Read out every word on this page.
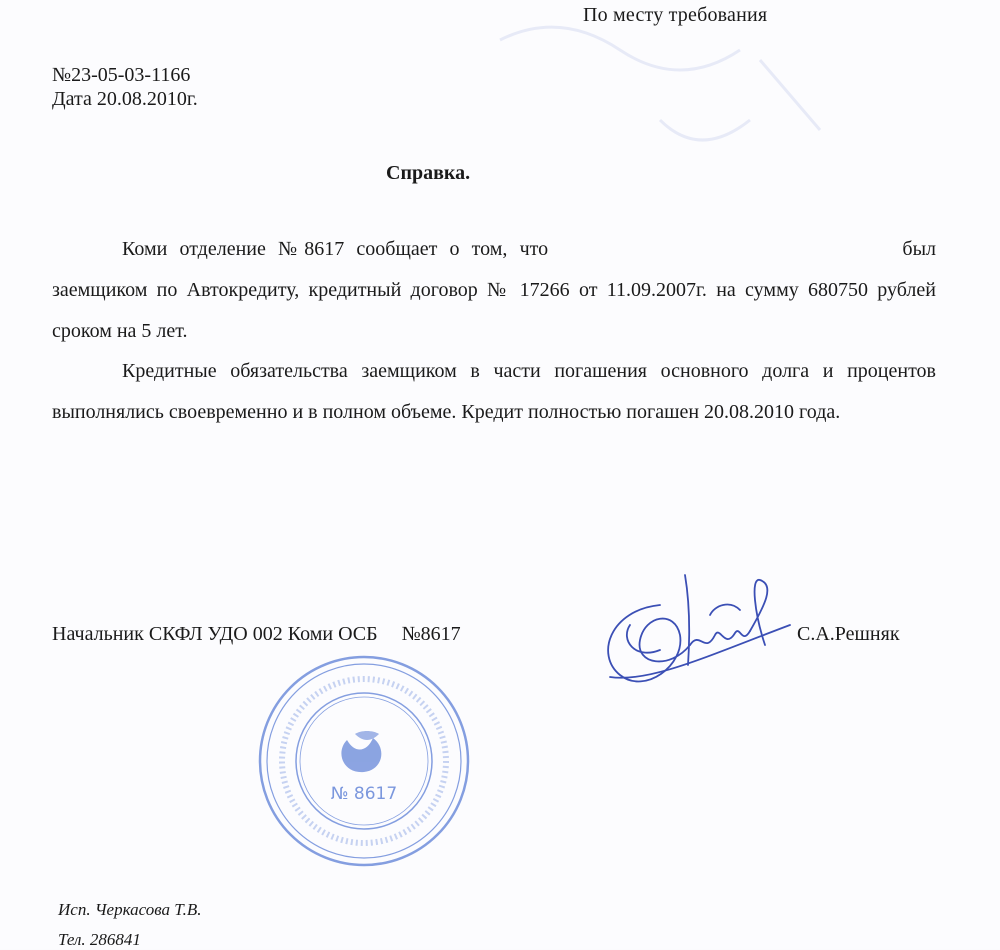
По месту требования
№23-05-03-1166
Дата 20.08.2010г.
Справка.
Коми отделение №8617 сообщает о том, что	был заемщиком по Автокредиту, кредитный договор № 17266 от 11.09.2007г. на сумму 680750 рублей сроком на 5 лет.
Кредитные обязательства заемщиком в части погашения основного долга и процентов выполнялись своевременно и в полном объеме. Кредит полностью погашен 20.08.2010 года.
Начальник СКФЛ УДО 002 Коми ОСБ №8617	С.А.Решняк
№ 8617
Исп. Черкасова Т.В.
Тел. 286841
